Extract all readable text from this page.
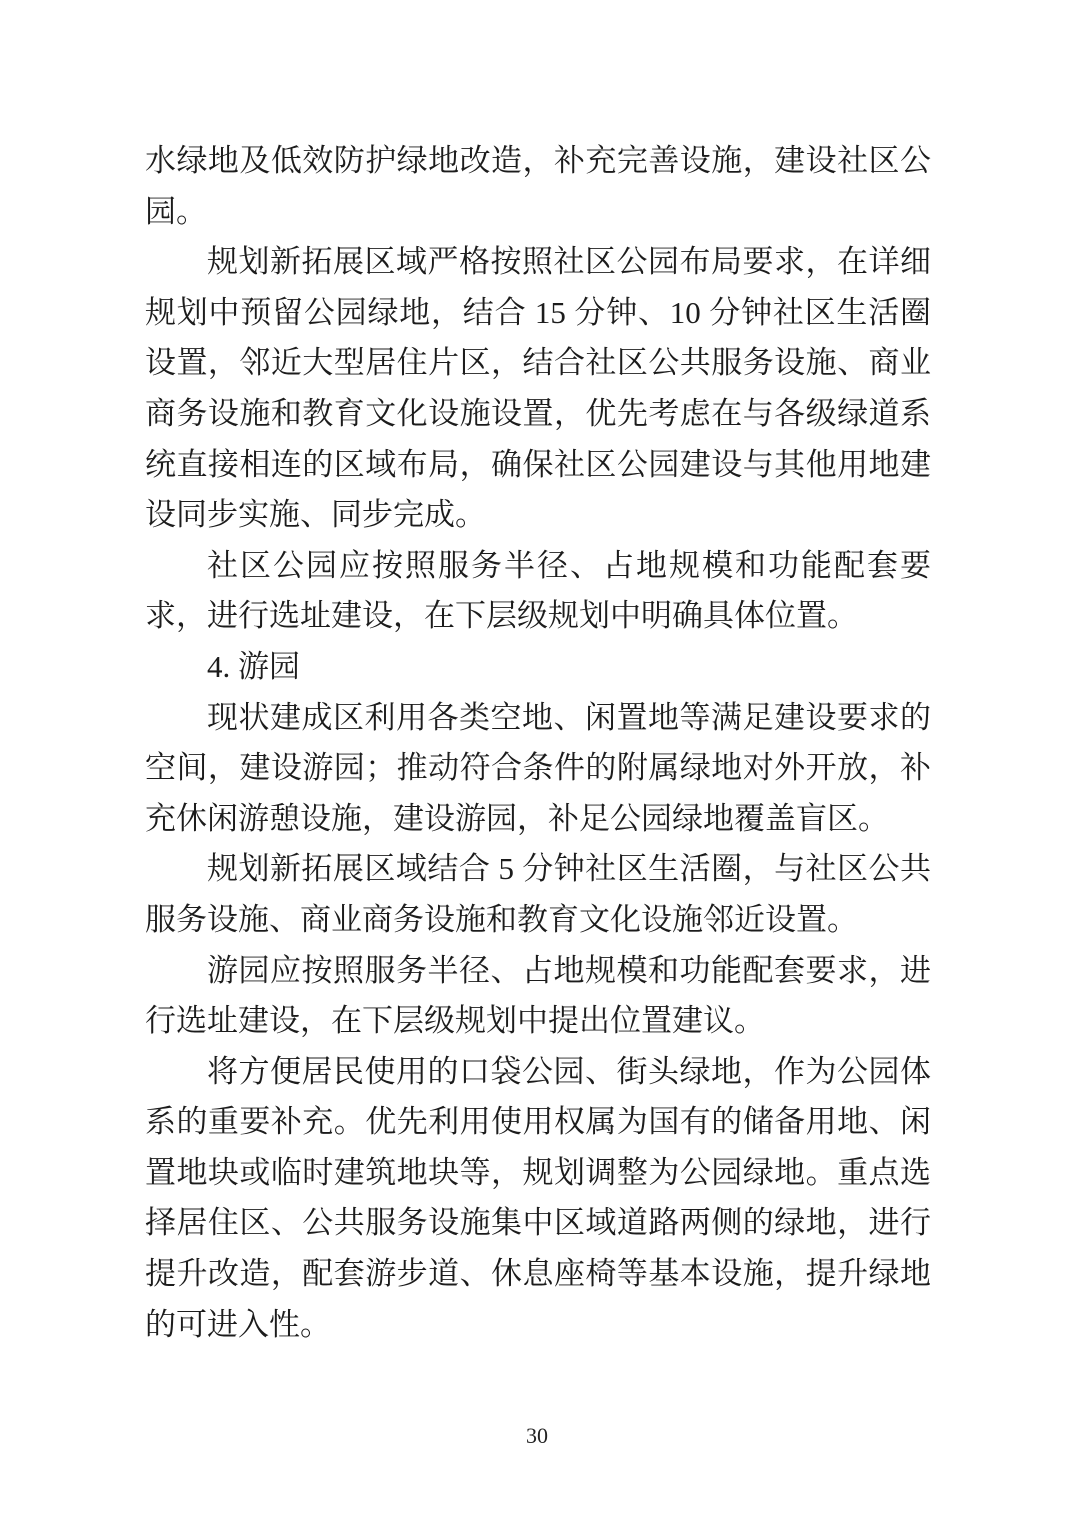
水绿地及低效防护绿地改造，补充完善设施，建设社区公园。

规划新拓展区域严格按照社区公园布局要求，在详细规划中预留公园绿地，结合 15 分钟、10 分钟社区生活圈设置，邻近大型居住片区，结合社区公共服务设施、商业商务设施和教育文化设施设置，优先考虑在与各级绿道系统直接相连的区域布局，确保社区公园建设与其他用地建设同步实施、同步完成。

社区公园应按照服务半径、占地规模和功能配套要求，进行选址建设，在下层级规划中明确具体位置。

4. 游园

现状建成区利用各类空地、闲置地等满足建设要求的空间，建设游园；推动符合条件的附属绿地对外开放，补充休闲游憩设施，建设游园，补足公园绿地覆盖盲区。

规划新拓展区域结合 5 分钟社区生活圈，与社区公共服务设施、商业商务设施和教育文化设施邻近设置。

游园应按照服务半径、占地规模和功能配套要求，进行选址建设，在下层级规划中提出位置建议。

将方便居民使用的口袋公园、街头绿地，作为公园体系的重要补充。优先利用使用权属为国有的储备用地、闲置地块或临时建筑地块等，规划调整为公园绿地。重点选择居住区、公共服务设施集中区域道路两侧的绿地，进行提升改造，配套游步道、休息座椅等基本设施，提升绿地的可进入性。

30
